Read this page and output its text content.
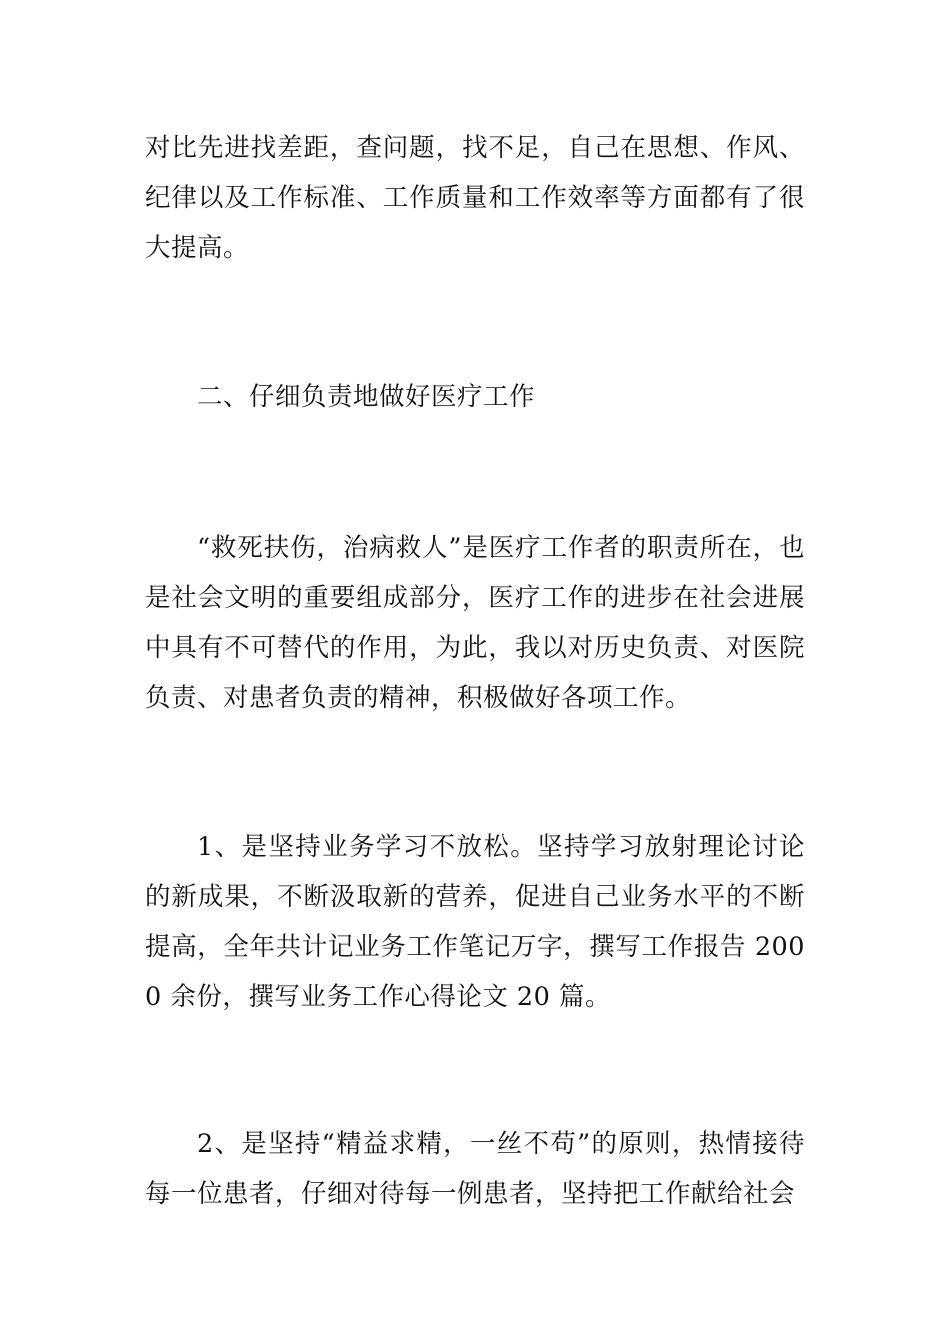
对比先进找差距，查问题，找不足，自己在思想、作风、纪律以及工作标准、工作质量和工作效率等方面都有了很大提高。

二、仔细负责地做好医疗工作

“救死扶伤，治病救人”是医疗工作者的职责所在，也是社会文明的重要组成部分，医疗工作的进步在社会进展中具有不可替代的作用，为此，我以对历史负责、对医院负责、对患者负责的精神，积极做好各项工作。

1、是坚持业务学习不放松。坚持学习放射理论讨论的新成果，不断汲取新的营养，促进自己业务水平的不断提高，全年共计记业务工作笔记万字，撰写工作报告 2000 余份，撰写业务工作心得论文 20 篇。

2、是坚持“精益求精，一丝不苟”的原则，热情接待每一位患者，仔细对待每一例患者，坚持把工作献给社会
